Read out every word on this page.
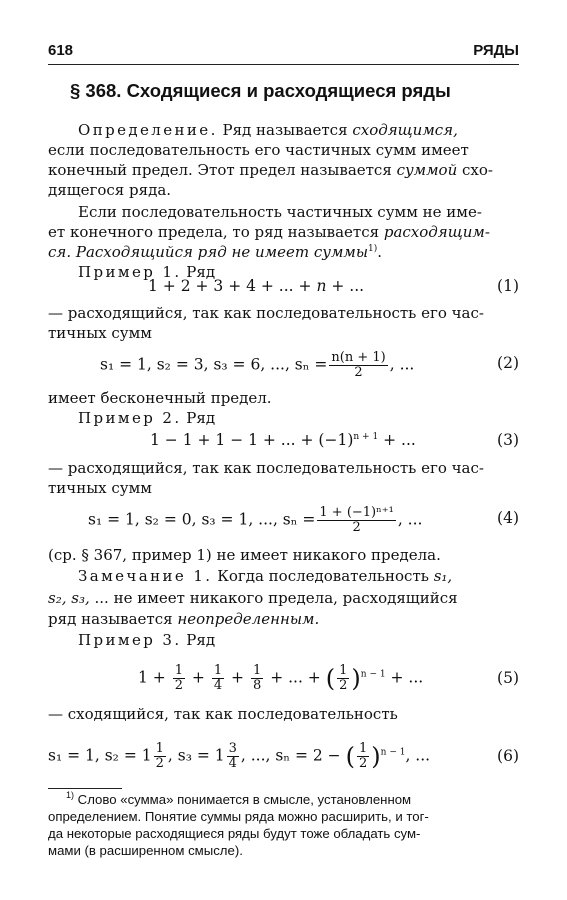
618	РЯДЫ
§ 368. Сходящиеся и расходящиеся ряды
Определение. Ряд называется сходящимся,
если последовательность его частичных сумм имеет
конечный предел. Этот предел называется суммой схо-
дящегося ряда.
Если последовательность частичных сумм не име-
ет конечного предела, то ряд называется расходящим-
ся. Расходящийся ряд не имеет суммы$^{1)}$.
Пример 1. Ряд
1 + 2 + 3 + 4 + ... + n + ...	(1)
— расходящийся, так как последовательность его час-
тичных сумм
s₁ = 1, s₂ = 3, s₃ = 6, ..., $s_n = \frac{n(n + 1)}{2}$ , ...	(2)
имеет бесконечный предел.
Пример 2. Ряд
1 − 1 + 1 − 1 + ... + $(-1)^{n + 1}$ + ...	(3)
— расходящийся, так как последовательность его час-
тичных сумм
s₁ = 1, s₂ = 0, s₃ = 1, ..., $s_n = \frac{\text{1 + (−1)ⁿ⁺¹}}{2}$ , ...	(4)
(ср. § 367, пример 1) не имеет никакого предела.
Замечание 1. Когда последовательность s₁,
s₂, s₃, ... не имеет никакого предела, расходящийся
ряд называется неопределенным.
Пример 3. Ряд
$1 + \frac{1}{2} + \frac{1}{4} + \frac{1}{8}$ + ... + ( $\frac{1}{2} )^{n - 1}$ + ...	(5)
— сходящийся, так как последовательность
s₁ = 1, $s_2 = 1 \frac{1}{2}$ , $s_3 = 1 \frac{3}{4}$ , ..., sₙ = 2 − ( $\frac{1}{2} )^{n - 1}$, ...	(6)
$^{1)}$ Слово «сумма» понимается в смысле, установленном
определением. Понятие суммы ряда можно расширить, и тог-
да некоторые расходящиеся ряды будут тоже обладать сум-
мами (в расширенном смысле).
